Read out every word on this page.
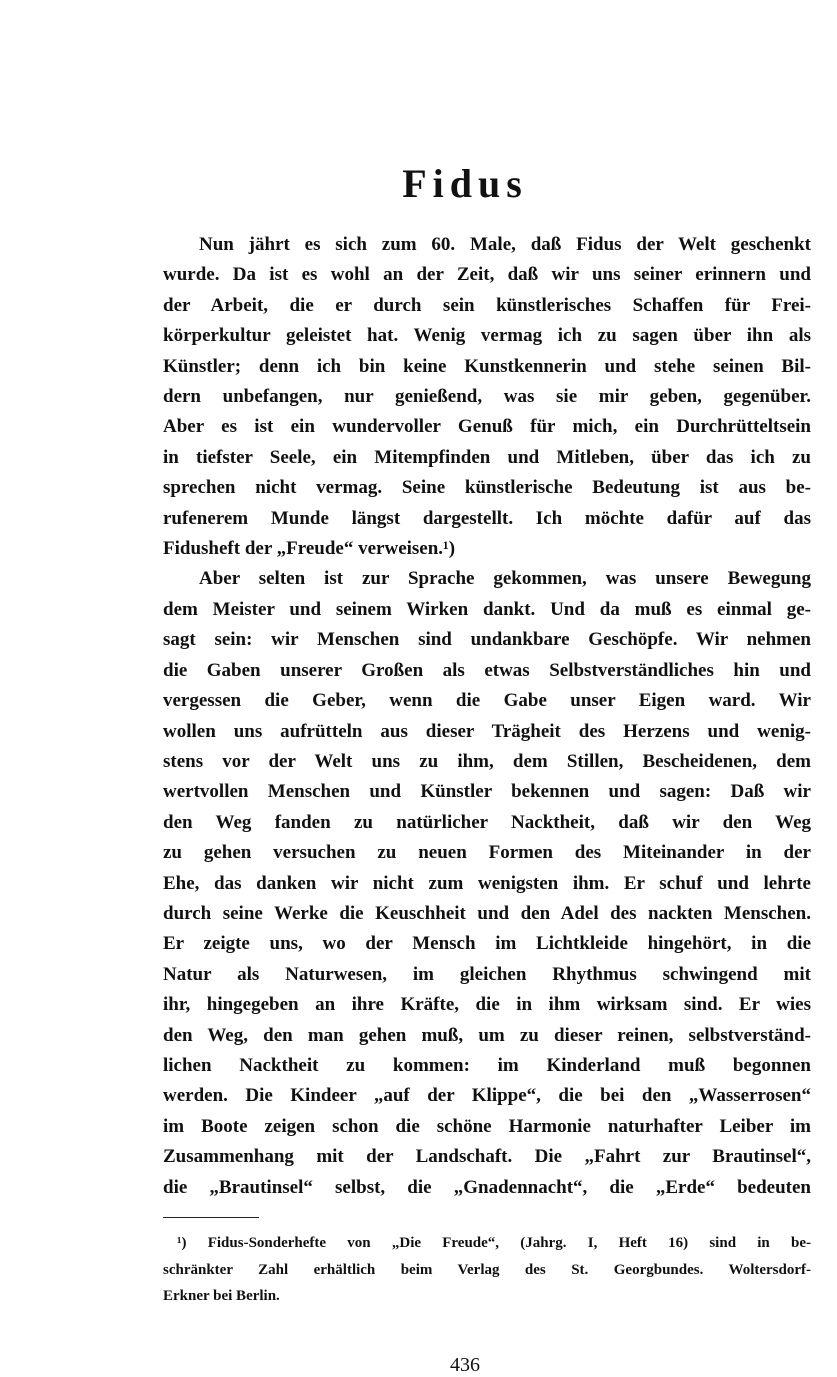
Fidus
Nun jährt es sich zum 60. Male, daß Fidus der Welt geschenkt
wurde. Da ist es wohl an der Zeit, daß wir uns seiner erinnern und
der Arbeit, die er durch sein künstlerisches Schaffen für Frei-
körperkultur geleistet hat. Wenig vermag ich zu sagen über ihn als
Künstler; denn ich bin keine Kunstkennerin und stehe seinen Bil-
dern unbefangen, nur genießend, was sie mir geben, gegenüber.
Aber es ist ein wundervoller Genuß für mich, ein Durchrütteltsein
in tiefster Seele, ein Mitempfinden und Mitleben, über das ich zu
sprechen nicht vermag. Seine künstlerische Bedeutung ist aus be-
rufenerem Munde längst dargestellt. Ich möchte dafür auf das
Fidusheft der „Freude“ verweisen.¹)
Aber selten ist zur Sprache gekommen, was unsere Bewegung
dem Meister und seinem Wirken dankt. Und da muß es einmal ge-
sagt sein: wir Menschen sind undankbare Geschöpfe. Wir nehmen
die Gaben unserer Großen als etwas Selbstverständliches hin und
vergessen die Geber, wenn die Gabe unser Eigen ward. Wir
wollen uns aufrütteln aus dieser Trägheit des Herzens und wenig-
stens vor der Welt uns zu ihm, dem Stillen, Bescheidenen, dem
wertvollen Menschen und Künstler bekennen und sagen: Daß wir
den Weg fanden zu natürlicher Nacktheit, daß wir den Weg
zu gehen versuchen zu neuen Formen des Miteinander in der
Ehe, das danken wir nicht zum wenigsten ihm. Er schuf und lehrte
durch seine Werke die Keuschheit und den Adel des nackten Menschen.
Er zeigte uns, wo der Mensch im Lichtkleide hingehört, in die
Natur als Naturwesen, im gleichen Rhythmus schwingend mit
ihr, hingegeben an ihre Kräfte, die in ihm wirksam sind. Er wies
den Weg, den man gehen muß, um zu dieser reinen, selbstverständ-
lichen Nacktheit zu kommen: im Kinderland muß begonnen
werden. Die Kindeer „auf der Klippe“, die bei den „Wasserrosen“
im Boote zeigen schon die schöne Harmonie naturhafter Leiber im
Zusammenhang mit der Landschaft. Die „Fahrt zur Brautinsel“,
die „Brautinsel“ selbst, die „Gnadennacht“, die „Erde“ bedeuten
¹) Fidus-Sonderhefte von „Die Freude“, (Jahrg. I, Heft 16) sind in be-
schränkter Zahl erhältlich beim Verlag des St. Georgbundes. Woltersdorf-
Erkner bei Berlin.
436
